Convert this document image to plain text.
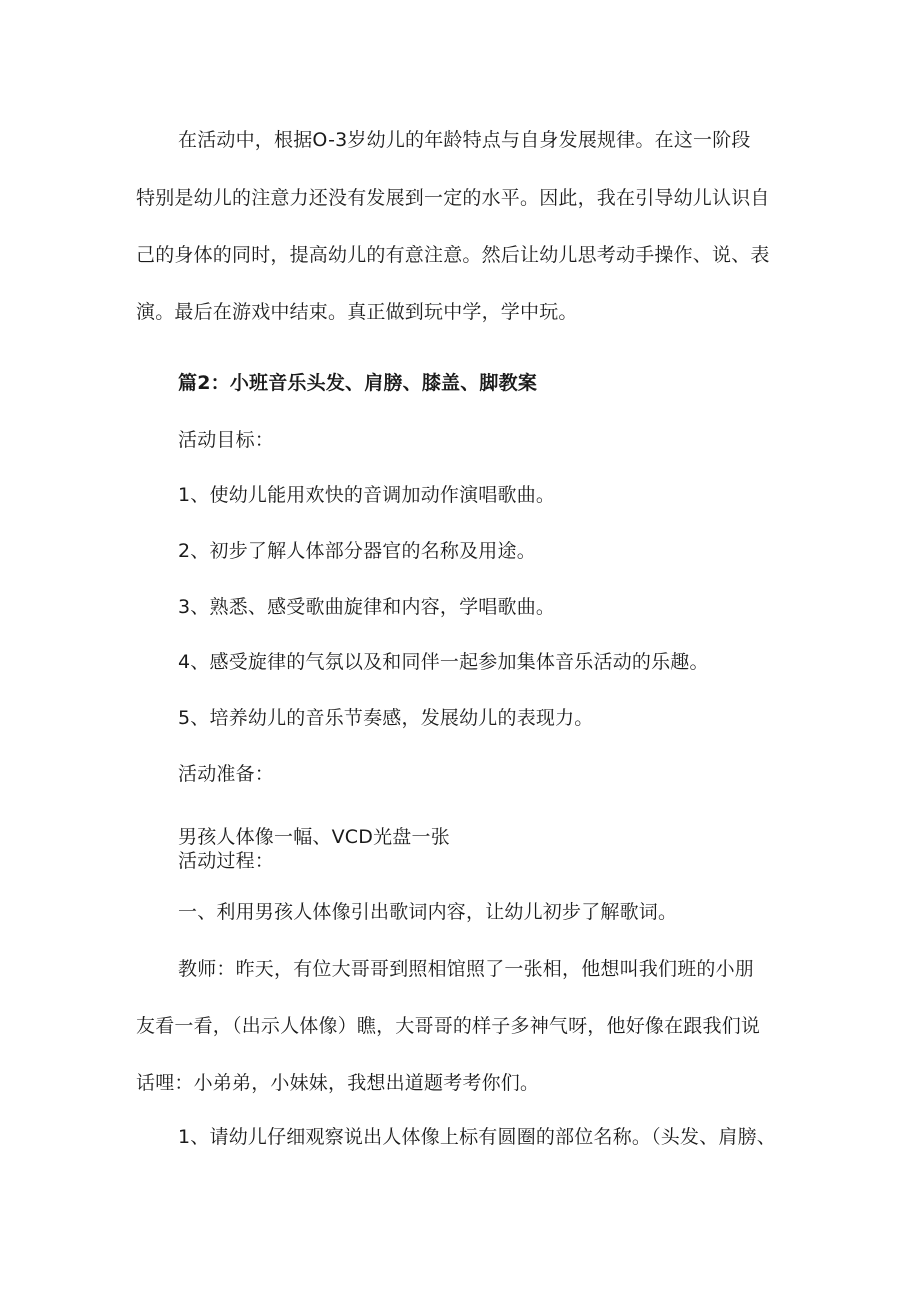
在活动中，根据O-3岁幼儿的年龄特点与自身发展规律。在这一阶段
特别是幼儿的注意力还没有发展到一定的水平。因此，我在引导幼儿认识自
己的身体的同时，提高幼儿的有意注意。然后让幼儿思考动手操作、说、表
演。最后在游戏中结束。真正做到玩中学，学中玩。
篇2：小班音乐头发、肩膀、膝盖、脚教案
活动目标：
1、使幼儿能用欢快的音调加动作演唱歌曲。
2、初步了解人体部分器官的名称及用途。
3、熟悉、感受歌曲旋律和内容，学唱歌曲。
4、感受旋律的气氛以及和同伴一起参加集体音乐活动的乐趣。
5、培养幼儿的音乐节奏感，发展幼儿的表现力。
活动准备：
男孩人体像一幅、VCD光盘一张
活动过程：
一、利用男孩人体像引出歌词内容，让幼儿初步了解歌词。
教师：昨天，有位大哥哥到照相馆照了一张相，他想叫我们班的小朋
友看一看，（出示人体像）瞧，大哥哥的样子多神气呀，他好像在跟我们说
话哩：小弟弟，小妹妹，我想出道题考考你们。
1、请幼儿仔细观察说出人体像上标有圆圈的部位名称。（头发、肩膀、
